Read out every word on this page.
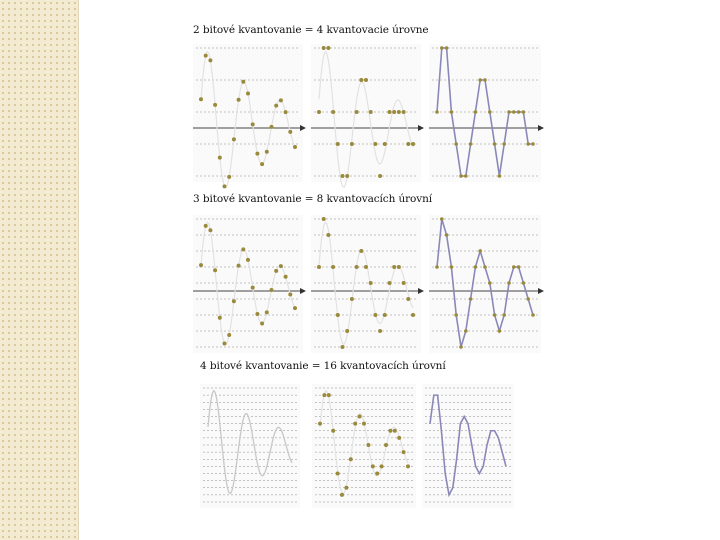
2 bitové kvantovanie = 4 kvantovacie úrovne
3 bitové kvantovanie = 8 kvantovacích úrovní
4 bitové kvantovanie = 16 kvantovacích úrovní
